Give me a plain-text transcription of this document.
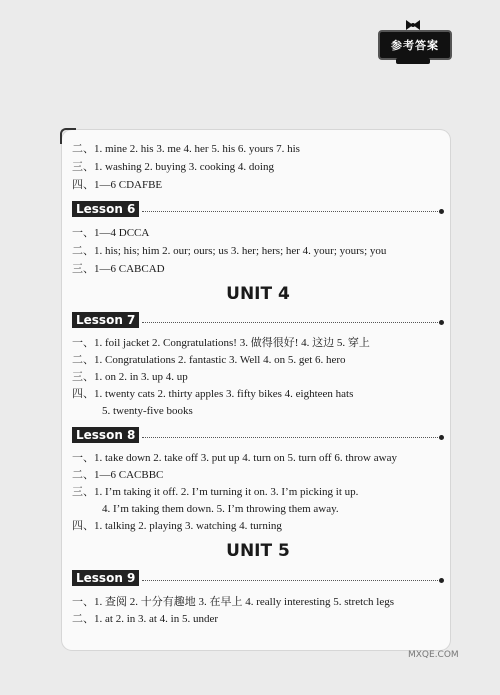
参考答案
二、1. mine 2. his 3. me 4. her 5. his 6. yours 7. his
三、1. washing 2. buying 3. cooking 4. doing
四、1—6 CDAFBE
Lesson 6
一、1—4 DCCA
二、1. his; his; him 2. our; ours; us 3. her; hers; her 4. your; yours; you
三、1—6 CABCAD
UNIT 4
Lesson 7
一、1. foil jacket 2. Congratulations! 3. 做得很好! 4. 这边 5. 穿上
二、1. Congratulations 2. fantastic 3. Well 4. on 5. get 6. hero
三、1. on 2. in 3. up 4. up
四、1. twenty cats 2. thirty apples 3. fifty bikes 4. eighteen hats
5. twenty-five books
Lesson 8
一、1. take down 2. take off 3. put up 4. turn on 5. turn off 6. throw away
二、1—6 CACBBC
三、1. I’m taking it off. 2. I’m turning it on. 3. I’m picking it up.
4. I’m taking them down. 5. I’m throwing them away.
四、1. talking 2. playing 3. watching 4. turning
UNIT 5
Lesson 9
一、1. 查阅 2. 十分有趣地 3. 在早上 4. really interesting 5. stretch legs
二、1. at 2. in 3. at 4. in 5. under
MXQE.COM
